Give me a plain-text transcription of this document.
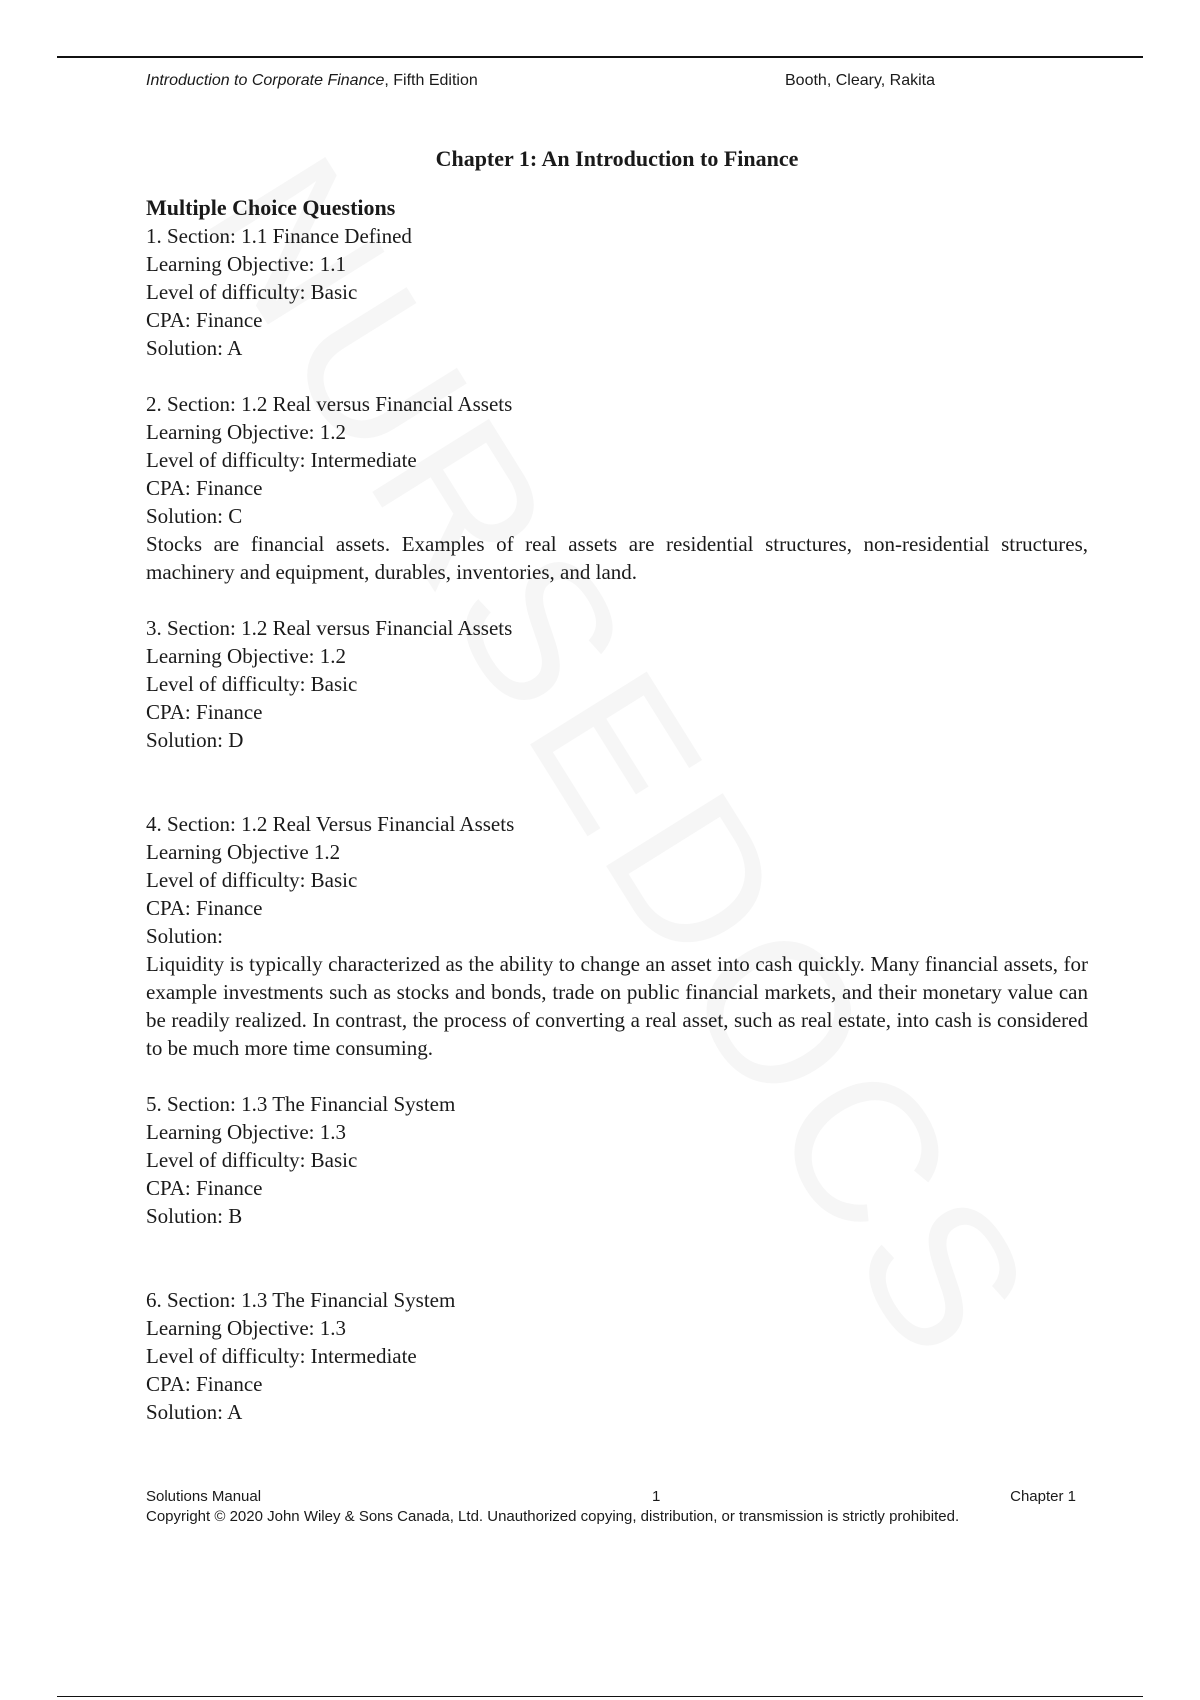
Introduction to Corporate Finance, Fifth Edition	Booth, Cleary, Rakita

Chapter 1: An Introduction to Finance

Multiple Choice Questions

1. Section: 1.1 Finance Defined

Learning Objective: 1.1

Level of difficulty: Basic

CPA: Finance

Solution: A

2. Section: 1.2 Real versus Financial Assets

Learning Objective: 1.2

Level of difficulty: Intermediate

CPA: Finance

Solution: C

Stocks are financial assets. Examples of real assets are residential structures, non-residential structures, machinery and equipment, durables, inventories, and land.

3. Section: 1.2 Real versus Financial Assets

Learning Objective: 1.2

Level of difficulty: Basic

CPA: Finance

Solution: D

4. Section: 1.2 Real Versus Financial Assets

Learning Objective 1.2

Level of difficulty: Basic

CPA: Finance

Solution:

Liquidity is typically characterized as the ability to change an asset into cash quickly. Many financial assets, for example investments such as stocks and bonds, trade on public financial markets, and their monetary value can be readily realized. In contrast, the process of converting a real asset, such as real estate, into cash is considered to be much more time consuming.

5. Section: 1.3 The Financial System

Learning Objective: 1.3

Level of difficulty: Basic

CPA: Finance

Solution: B

6. Section: 1.3 The Financial System

Learning Objective: 1.3

Level of difficulty: Intermediate

CPA: Finance

Solution: A

Solutions Manual	1	Chapter 1
Copyright © 2020 John Wiley & Sons Canada, Ltd. Unauthorized copying, distribution, or transmission is strictly prohibited.
